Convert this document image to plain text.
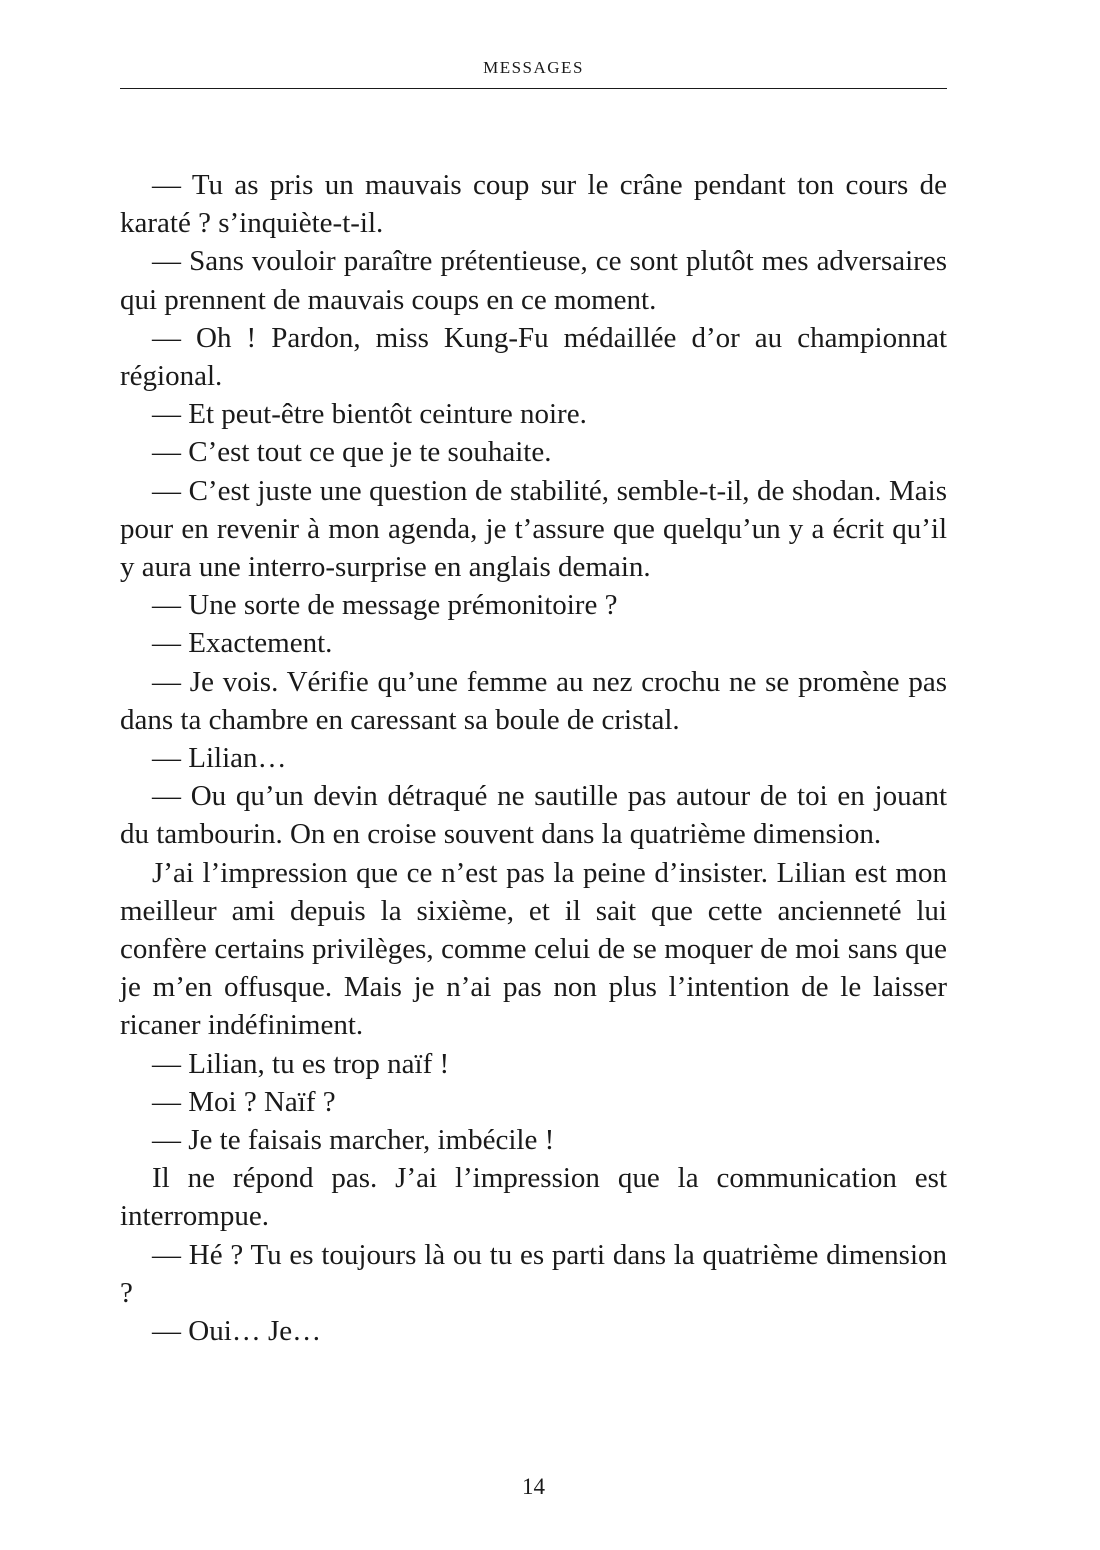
MESSAGES

— Tu as pris un mauvais coup sur le crâne pendant ton cours de karaté ? s’inquiète-t-il.

— Sans vouloir paraître prétentieuse, ce sont plutôt mes adversaires qui prennent de mauvais coups en ce moment.

— Oh ! Pardon, miss Kung-Fu médaillée d’or au championnat régional.

— Et peut-être bientôt ceinture noire.

— C’est tout ce que je te souhaite.

— C’est juste une question de stabilité, semble-t-il, de shodan. Mais pour en revenir à mon agenda, je t’assure que quelqu’un y a écrit qu’il y aura une interro-surprise en anglais demain.

— Une sorte de message prémonitoire ?

— Exactement.

— Je vois. Vérifie qu’une femme au nez crochu ne se promène pas dans ta chambre en caressant sa boule de cristal.

— Lilian…

— Ou qu’un devin détraqué ne sautille pas autour de toi en jouant du tambourin. On en croise souvent dans la quatrième dimension.

J’ai l’impression que ce n’est pas la peine d’insister. Lilian est mon meilleur ami depuis la sixième, et il sait que cette ancienneté lui confère certains privilèges, comme celui de se moquer de moi sans que je m’en offusque. Mais je n’ai pas non plus l’intention de le laisser ricaner indéfiniment.

— Lilian, tu es trop naïf !

— Moi ? Naïf ?

— Je te faisais marcher, imbécile !

Il ne répond pas. J’ai l’impression que la communication est interrompue.

— Hé ? Tu es toujours là ou tu es parti dans la quatrième dimension ?

— Oui… Je…

14
